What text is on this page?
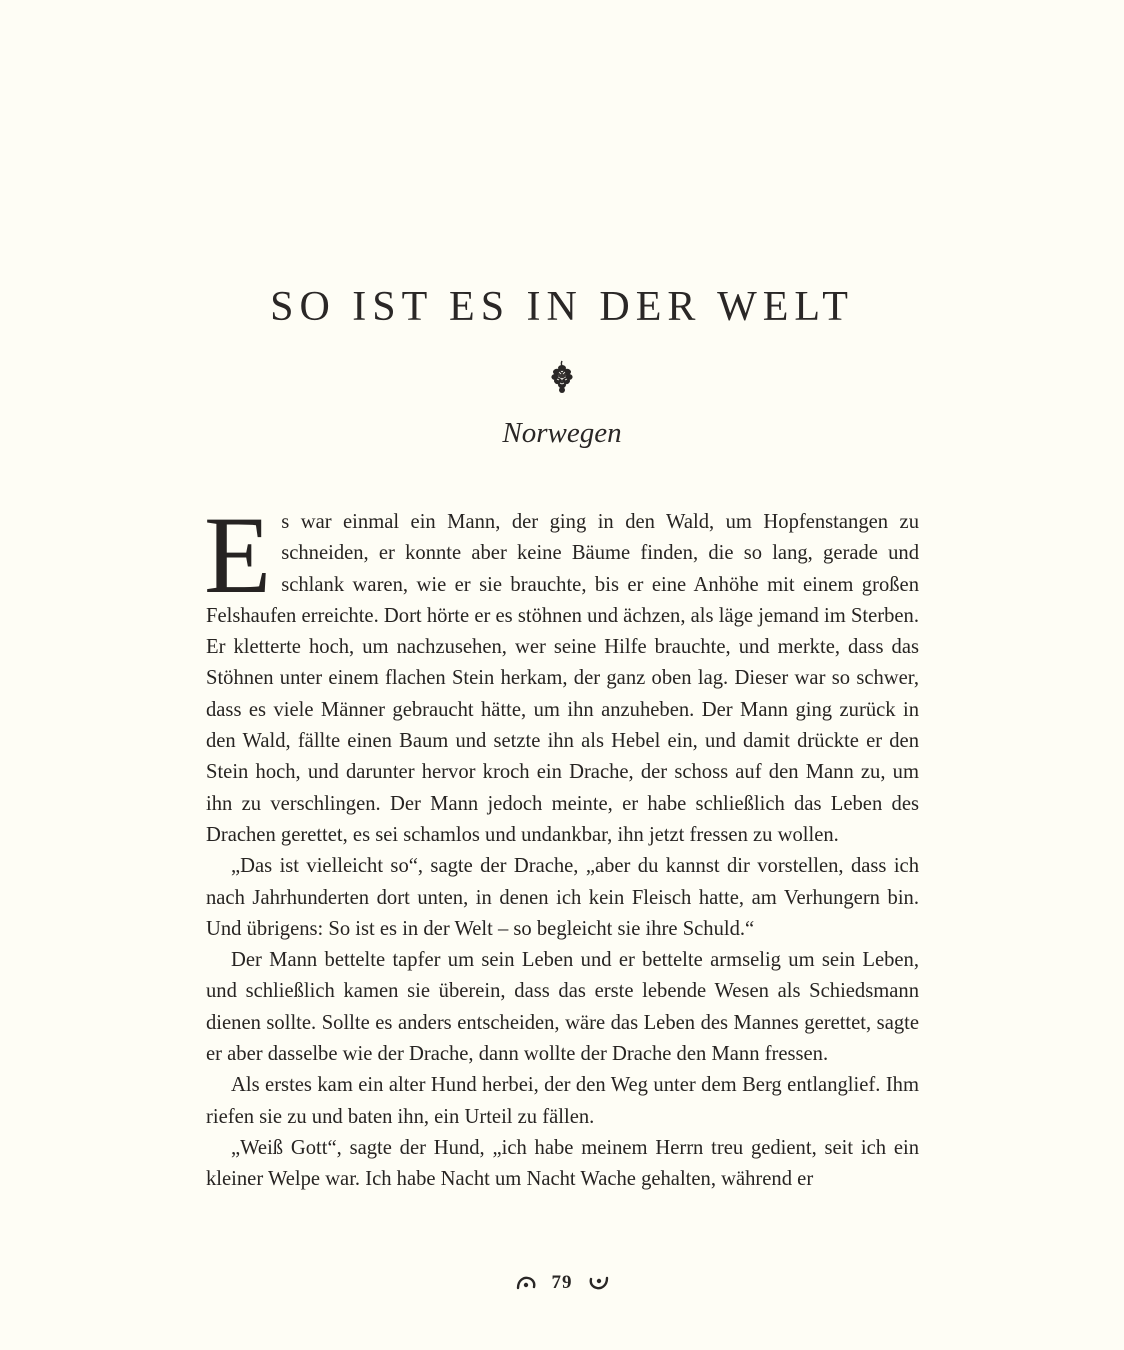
SO IST ES IN DER WELT
Norwegen

Es war einmal ein Mann, der ging in den Wald, um Hopfenstangen zu schneiden, er konnte aber keine Bäume finden, die so lang, gerade und schlank waren, wie er sie brauchte, bis er eine Anhöhe mit einem großen Felshaufen erreichte. Dort hörte er es stöhnen und ächzen, als läge jemand im Sterben. Er kletterte hoch, um nachzusehen, wer seine Hilfe brauchte, und merkte, dass das Stöhnen unter einem flachen Stein herkam, der ganz oben lag. Dieser war so schwer, dass es viele Männer gebraucht hätte, um ihn anzuheben. Der Mann ging zurück in den Wald, fällte einen Baum und setzte ihn als Hebel ein, und damit drückte er den Stein hoch, und darunter hervor kroch ein Drache, der schoss auf den Mann zu, um ihn zu verschlingen. Der Mann jedoch meinte, er habe schließlich das Leben des Drachen gerettet, es sei schamlos und undankbar, ihn jetzt fressen zu wollen.

„Das ist vielleicht so“, sagte der Drache, „aber du kannst dir vorstellen, dass ich nach Jahrhunderten dort unten, in denen ich kein Fleisch hatte, am Verhungern bin. Und übrigens: So ist es in der Welt – so begleicht sie ihre Schuld.“

Der Mann bettelte tapfer um sein Leben und er bettelte armselig um sein Leben, und schließlich kamen sie überein, dass das erste lebende Wesen als Schiedsmann dienen sollte. Sollte es anders entscheiden, wäre das Leben des Mannes gerettet, sagte er aber dasselbe wie der Drache, dann wollte der Drache den Mann fressen.

Als erstes kam ein alter Hund herbei, der den Weg unter dem Berg entlanglief. Ihm riefen sie zu und baten ihn, ein Urteil zu fällen.

„Weiß Gott“, sagte der Hund, „ich habe meinem Herrn treu gedient, seit ich ein kleiner Welpe war. Ich habe Nacht um Nacht Wache gehalten, während er

79
